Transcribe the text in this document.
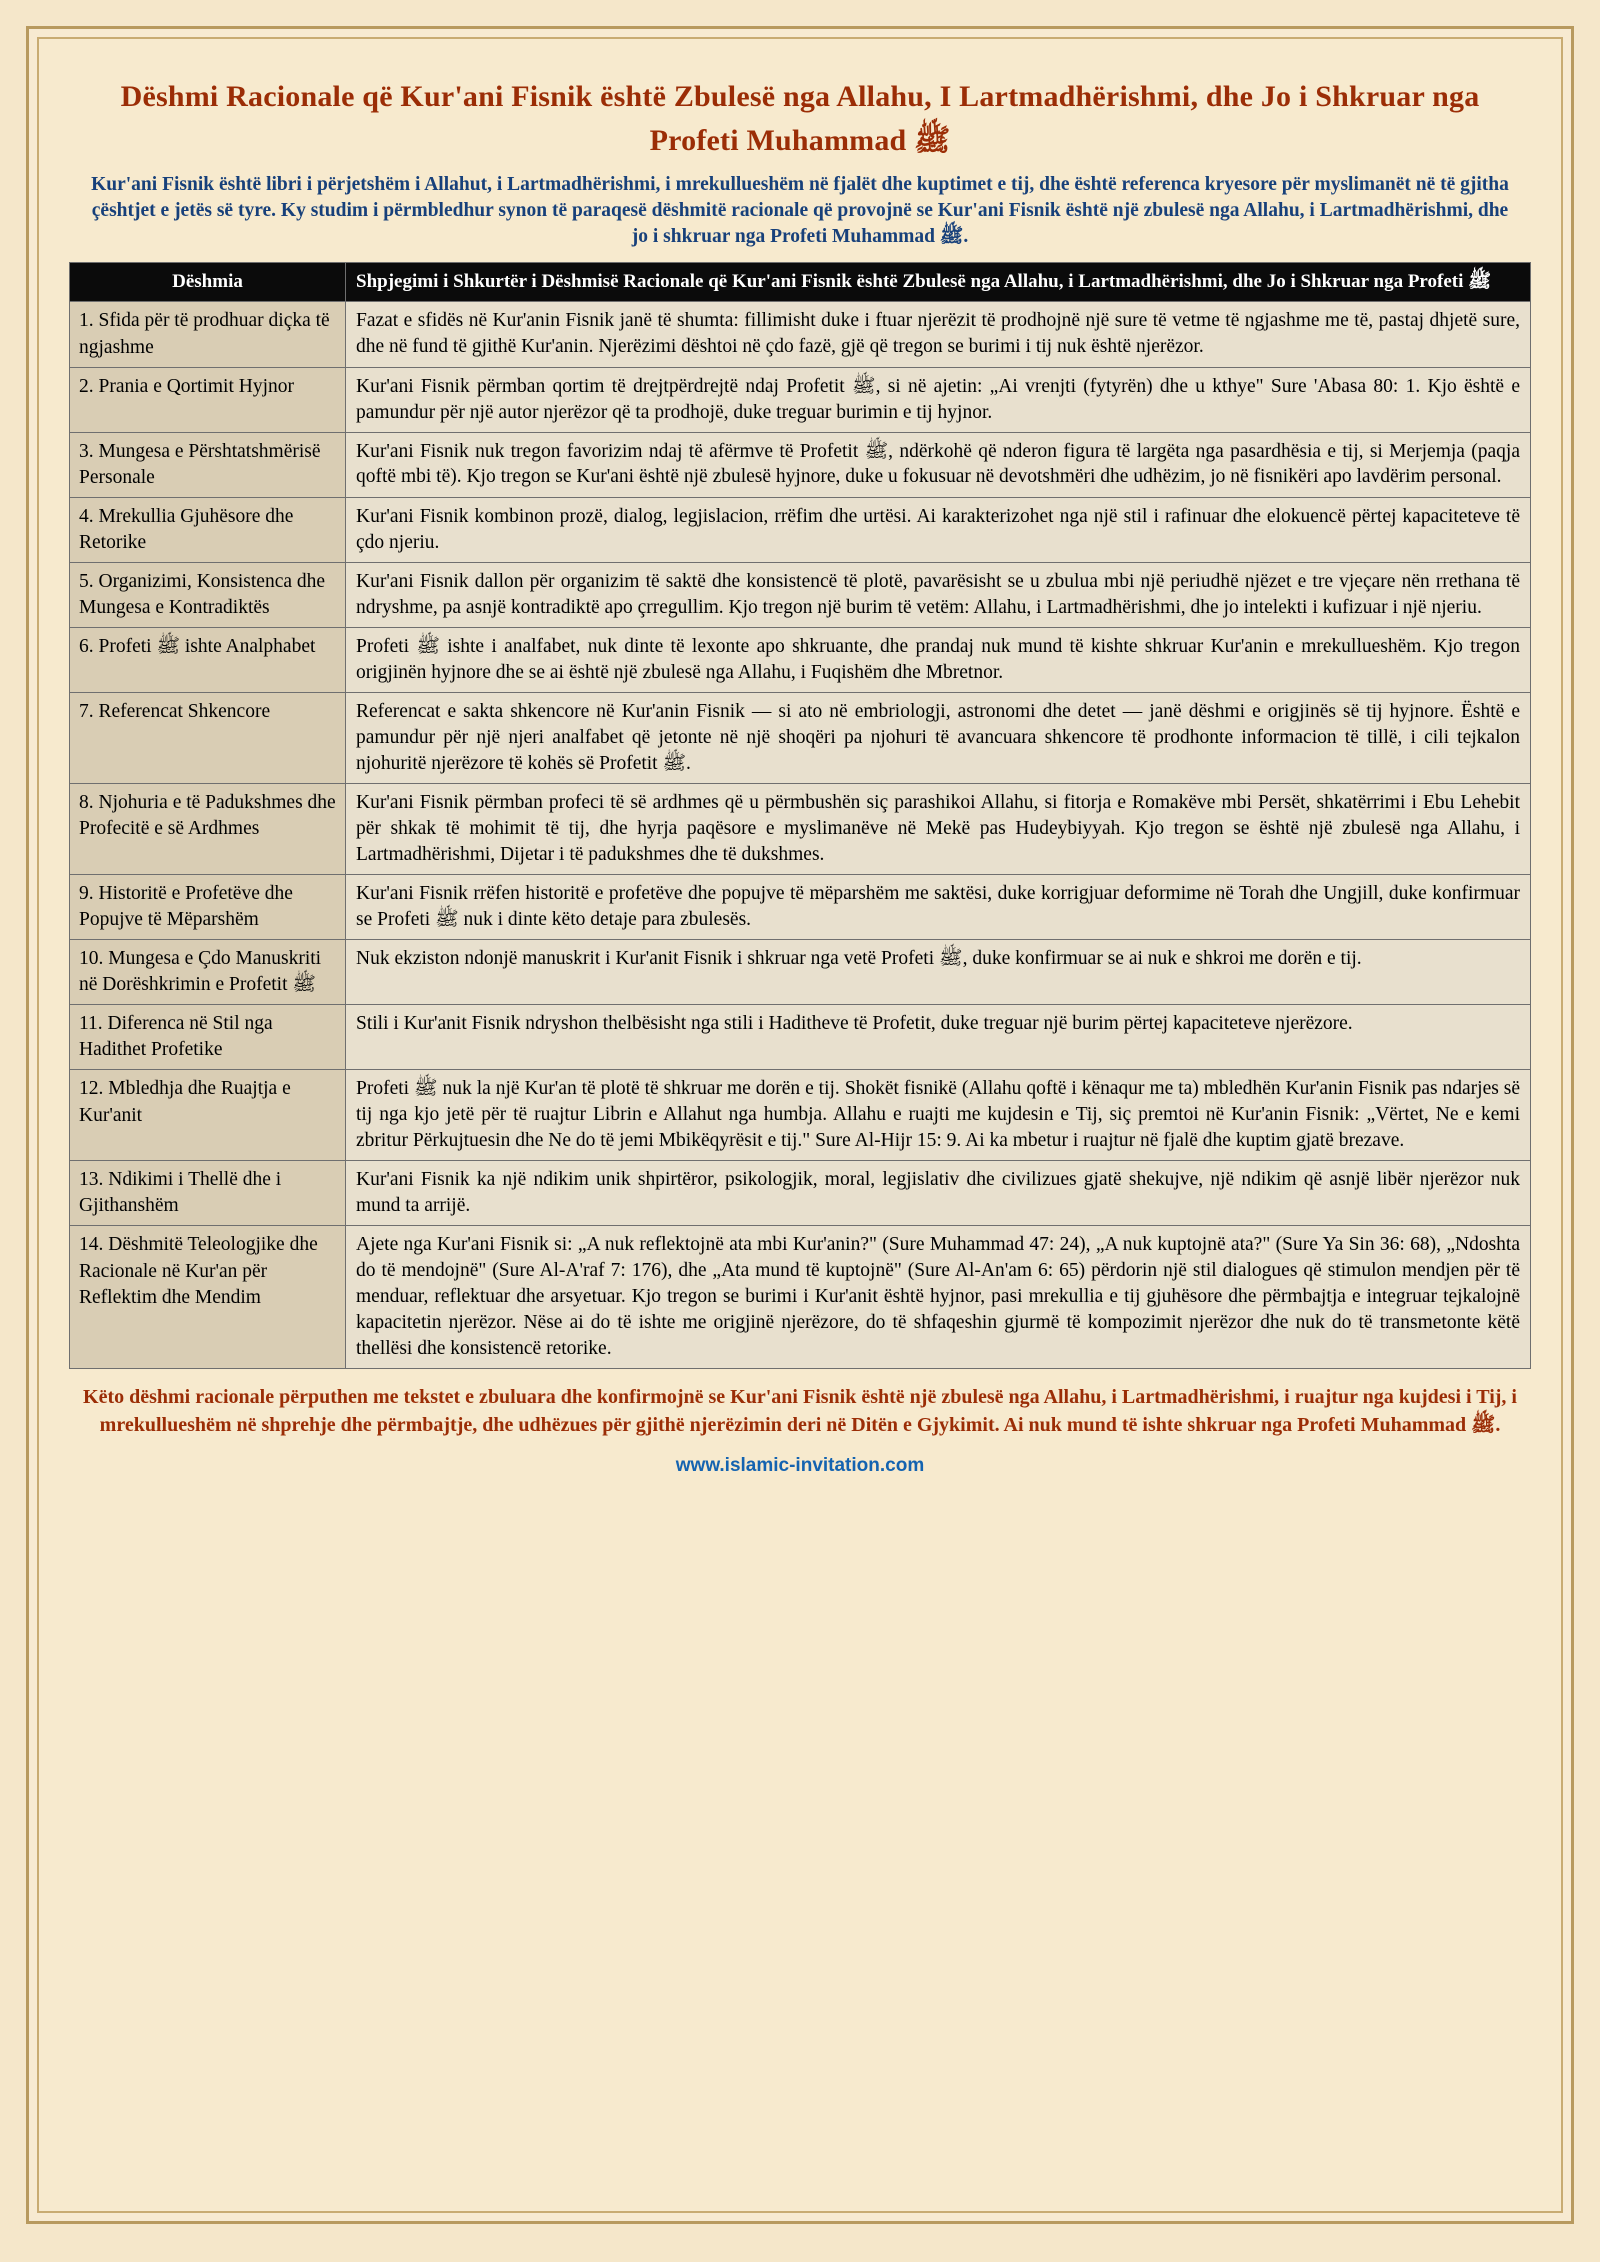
Dëshmi Racionale që Kur'ani Fisnik është Zbulesë nga Allahu, I Lartmadhërishmi, dhe Jo i Shkruar nga Profeti Muhammad ﷺ
Kur'ani Fisnik është libri i përjetshëm i Allahut, i Lartmadhërishmi, i mrekullueshëm në fjalët dhe kuptimet e tij, dhe është referenca kryesore për myslimanët në të gjitha çështjet e jetës së tyre. Ky studim i përmbledhur synon të paraqesë dëshmitë racionale që provojnë se Kur'ani Fisnik është një zbulesë nga Allahu, i Lartmadhërishmi, dhe jo i shkruar nga Profeti Muhammad ﷺ.
Dëshmia	Shpjegimi i Shkurtër i Dëshmisë Racionale që Kur'ani Fisnik është Zbulesë nga Allahu, i Lartmadhërishmi, dhe Jo i Shkruar nga Profeti ﷺ
1. Sfida për të prodhuar diçka të ngjashme	Fazat e sfidës në Kur'anin Fisnik janë të shumta: fillimisht duke i ftuar njerëzit të prodhojnë një sure të vetme të ngjashme me të, pastaj dhjetë sure, dhe në fund të gjithë Kur'anin. Njerëzimi dështoi në çdo fazë, gjë që tregon se burimi i tij nuk është njerëzor.
2. Prania e Qortimit Hyjnor	Kur'ani Fisnik përmban qortim të drejtpërdrejtë ndaj Profetit ﷺ, si në ajetin: „Ai vrenjti (fytyrën) dhe u kthye" Sure 'Abasa 80: 1. Kjo është e pamundur për një autor njerëzor që ta prodhojë, duke treguar burimin e tij hyjnor.
3. Mungesa e Përshtatshmërisë Personale	Kur'ani Fisnik nuk tregon favorizim ndaj të afërmve të Profetit ﷺ, ndërkohë që nderon figura të largëta nga pasardhësia e tij, si Merjemja (paqja qoftë mbi të). Kjo tregon se Kur'ani është një zbulesë hyjnore, duke u fokusuar në devotshmëri dhe udhëzim, jo në fisnikëri apo lavdërim personal.
4. Mrekullia Gjuhësore dhe Retorike	Kur'ani Fisnik kombinon prozë, dialog, legjislacion, rrëfim dhe urtësi. Ai karakterizohet nga një stil i rafinuar dhe elokuencë përtej kapaciteteve të çdo njeriu.
5. Organizimi, Konsistenca dhe Mungesa e Kontradiktës	Kur'ani Fisnik dallon për organizim të saktë dhe konsistencë të plotë, pavarësisht se u zbulua mbi një periudhë njëzet e tre vjeçare nën rrethana të ndryshme, pa asnjë kontradiktë apo çrregullim. Kjo tregon një burim të vetëm: Allahu, i Lartmadhërishmi, dhe jo intelekti i kufizuar i një njeriu.
6. Profeti ﷺ ishte Analphabet	Profeti ﷺ ishte i analfabet, nuk dinte të lexonte apo shkruante, dhe prandaj nuk mund të kishte shkruar Kur'anin e mrekullueshëm. Kjo tregon origjinën hyjnore dhe se ai është një zbulesë nga Allahu, i Fuqishëm dhe Mbretnor.
7. Referencat Shkencore	Referencat e sakta shkencore në Kur'anin Fisnik — si ato në embriologji, astronomi dhe detet — janë dëshmi e origjinës së tij hyjnore. Është e pamundur për një njeri analfabet që jetonte në një shoqëri pa njohuri të avancuara shkencore të prodhonte informacion të tillë, i cili tejkalon njohuritë njerëzore të kohës së Profetit ﷺ.
8. Njohuria e të Padukshmes dhe Profecitë e së Ardhmes	Kur'ani Fisnik përmban profeci të së ardhmes që u përmbushën siç parashikoi Allahu, si fitorja e Romakëve mbi Persët, shkatërrimi i Ebu Lehebit për shkak të mohimit të tij, dhe hyrja paqësore e myslimanëve në Mekë pas Hudeybiyyah. Kjo tregon se është një zbulesë nga Allahu, i Lartmadhërishmi, Dijetar i të padukshmes dhe të dukshmes.
9. Historitë e Profetëve dhe Popujve të Mëparshëm	Kur'ani Fisnik rrëfen historitë e profetëve dhe popujve të mëparshëm me saktësi, duke korrigjuar deformime në Torah dhe Ungjill, duke konfirmuar se Profeti ﷺ nuk i dinte këto detaje para zbulesës.
10. Mungesa e Çdo Manuskriti në Dorëshkrimin e Profetit ﷺ	Nuk ekziston ndonjë manuskrit i Kur'anit Fisnik i shkruar nga vetë Profeti ﷺ, duke konfirmuar se ai nuk e shkroi me dorën e tij.
11. Diferenca në Stil nga Hadithet Profetike	Stili i Kur'anit Fisnik ndryshon thelbësisht nga stili i Haditheve të Profetit, duke treguar një burim përtej kapaciteteve njerëzore.
12. Mbledhja dhe Ruajtja e Kur'anit	Profeti ﷺ nuk la një Kur'an të plotë të shkruar me dorën e tij. Shokët fisnikë (Allahu qoftë i kënaqur me ta) mbledhën Kur'anin Fisnik pas ndarjes së tij nga kjo jetë për të ruajtur Librin e Allahut nga humbja. Allahu e ruajti me kujdesin e Tij, siç premtoi në Kur'anin Fisnik: „Vërtet, Ne e kemi zbritur Përkujtuesin dhe Ne do të jemi Mbikëqyrësit e tij." Sure Al-Hijr 15: 9. Ai ka mbetur i ruajtur në fjalë dhe kuptim gjatë brezave.
13. Ndikimi i Thellë dhe i Gjithanshëm	Kur'ani Fisnik ka një ndikim unik shpirtëror, psikologjik, moral, legjislativ dhe civilizues gjatë shekujve, një ndikim që asnjë libër njerëzor nuk mund ta arrijë.
14. Dëshmitë Teleologjike dhe Racionale në Kur'an për Reflektim dhe Mendim	Ajete nga Kur'ani Fisnik si: „A nuk reflektojnë ata mbi Kur'anin?" (Sure Muhammad 47: 24), „A nuk kuptojnë ata?" (Sure Ya Sin 36: 68), „Ndoshta do të mendojnë" (Sure Al-A'raf 7: 176), dhe „Ata mund të kuptojnë" (Sure Al-An'am 6: 65) përdorin një stil dialogues që stimulon mendjen për të menduar, reflektuar dhe arsyetuar. Kjo tregon se burimi i Kur'anit është hyjnor, pasi mrekullia e tij gjuhësore dhe përmbajtja e integruar tejkalojnë kapacitetin njerëzor. Nëse ai do të ishte me origjinë njerëzore, do të shfaqeshin gjurmë të kompozimit njerëzor dhe nuk do të transmetonte këtë thellësi dhe konsistencë retorike.
Këto dëshmi racionale përputhen me tekstet e zbuluara dhe konfirmojnë se Kur'ani Fisnik është një zbulesë nga Allahu, i Lartmadhërishmi, i ruajtur nga kujdesi i Tij, i mrekullueshëm në shprehje dhe përmbajtje, dhe udhëzues për gjithë njerëzimin deri në Ditën e Gjykimit. Ai nuk mund të ishte shkruar nga Profeti Muhammad ﷺ.
www.islamic-invitation.com
